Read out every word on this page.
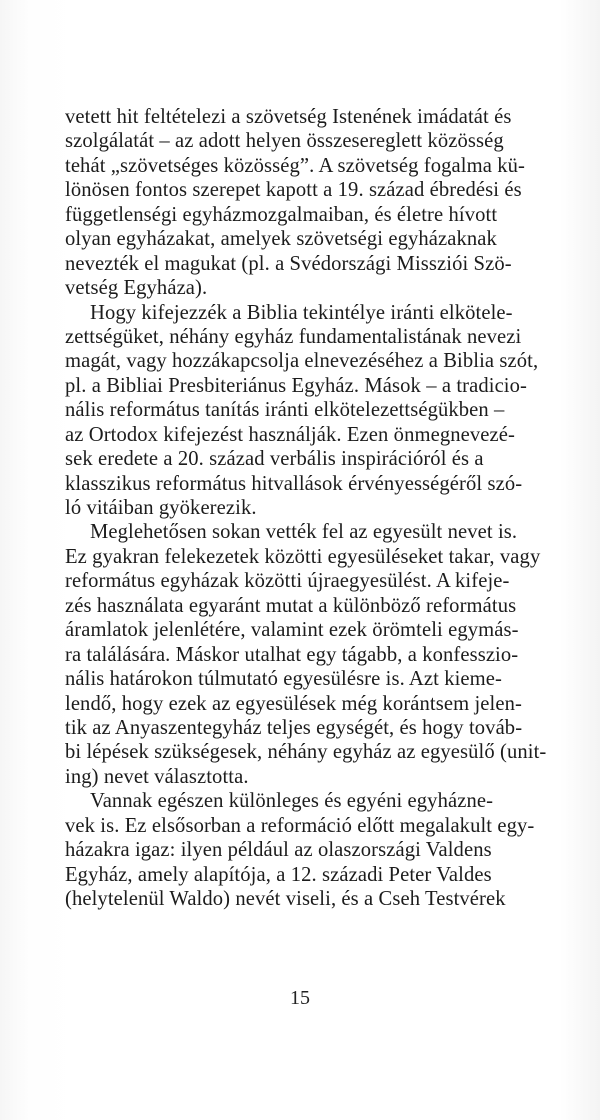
vetett hit feltételezi a szövetség Istenének imádatát és
szolgálatát – az adott helyen összesereglett közösség
tehát „szövetséges közösség”. A szövetség fogalma kü-
lönösen fontos szerepet kapott a 19. század ébredési és
függetlenségi egyházmozgalmaiban, és életre hívott
olyan egyházakat, amelyek szövetségi egyházaknak
nevezték el magukat (pl. a Svédországi Missziói Szö-
vetség Egyháza).
Hogy kifejezzék a Biblia tekintélye iránti elkötele-
zettségüket, néhány egyház fundamentalistának nevezi
magát, vagy hozzákapcsolja elnevezéséhez a Biblia szót,
pl. a Bibliai Presbiteriánus Egyház. Mások – a tradicio-
nális református tanítás iránti elkötelezettségükben –
az Ortodox kifejezést használják. Ezen önmegnevezé-
sek eredete a 20. század verbális inspirációról és a
klasszikus református hitvallások érvényességéről szó-
ló vitáiban gyökerezik.
Meglehetősen sokan vették fel az egyesült nevet is.
Ez gyakran felekezetek közötti egyesüléseket takar, vagy
református egyházak közötti újraegyesülést. A kifeje-
zés használata egyaránt mutat a különböző református
áramlatok jelenlétére, valamint ezek örömteli egymás-
ra találására. Máskor utalhat egy tágabb, a konfesszio-
nális határokon túlmutató egyesülésre is. Azt kieme-
lendő, hogy ezek az egyesülések még korántsem jelen-
tik az Anyaszentegyház teljes egységét, és hogy továb-
bi lépések szükségesek, néhány egyház az egyesülő (unit-
ing) nevet választotta.
Vannak egészen különleges és egyéni egyházne-
vek is. Ez elsősorban a reformáció előtt megalakult egy-
házakra igaz: ilyen például az olaszországi Valdens
Egyház, amely alapítója, a 12. századi Peter Valdes
(helytelenül Waldo) nevét viseli, és a Cseh Testvérek
15
